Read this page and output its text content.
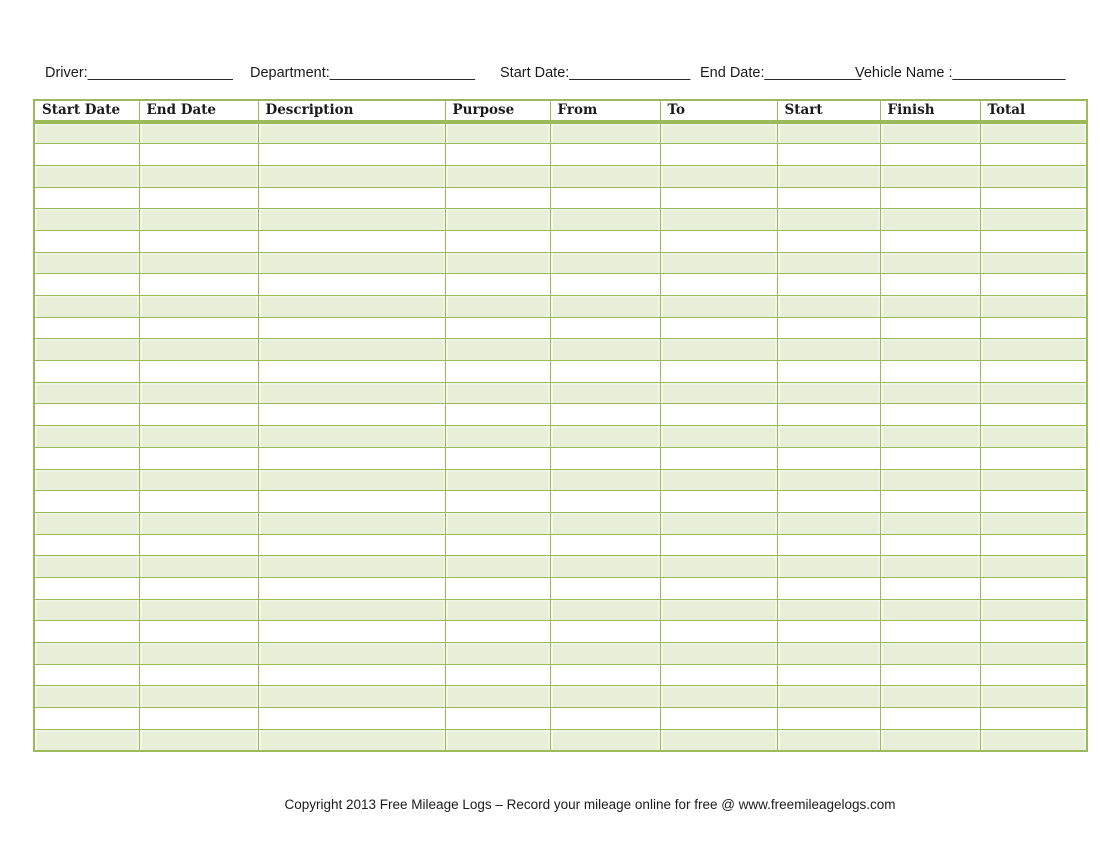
Driver:__________________ Department:__________________ Start Date:_______________ End Date:____________
Vehicle Name :______________
Start Date	End Date	Description	Purpose	From	To	Start	Finish	Total

Copyright 2013 Free Mileage Logs – Record your mileage online for free @ www.freemileagelogs.com
